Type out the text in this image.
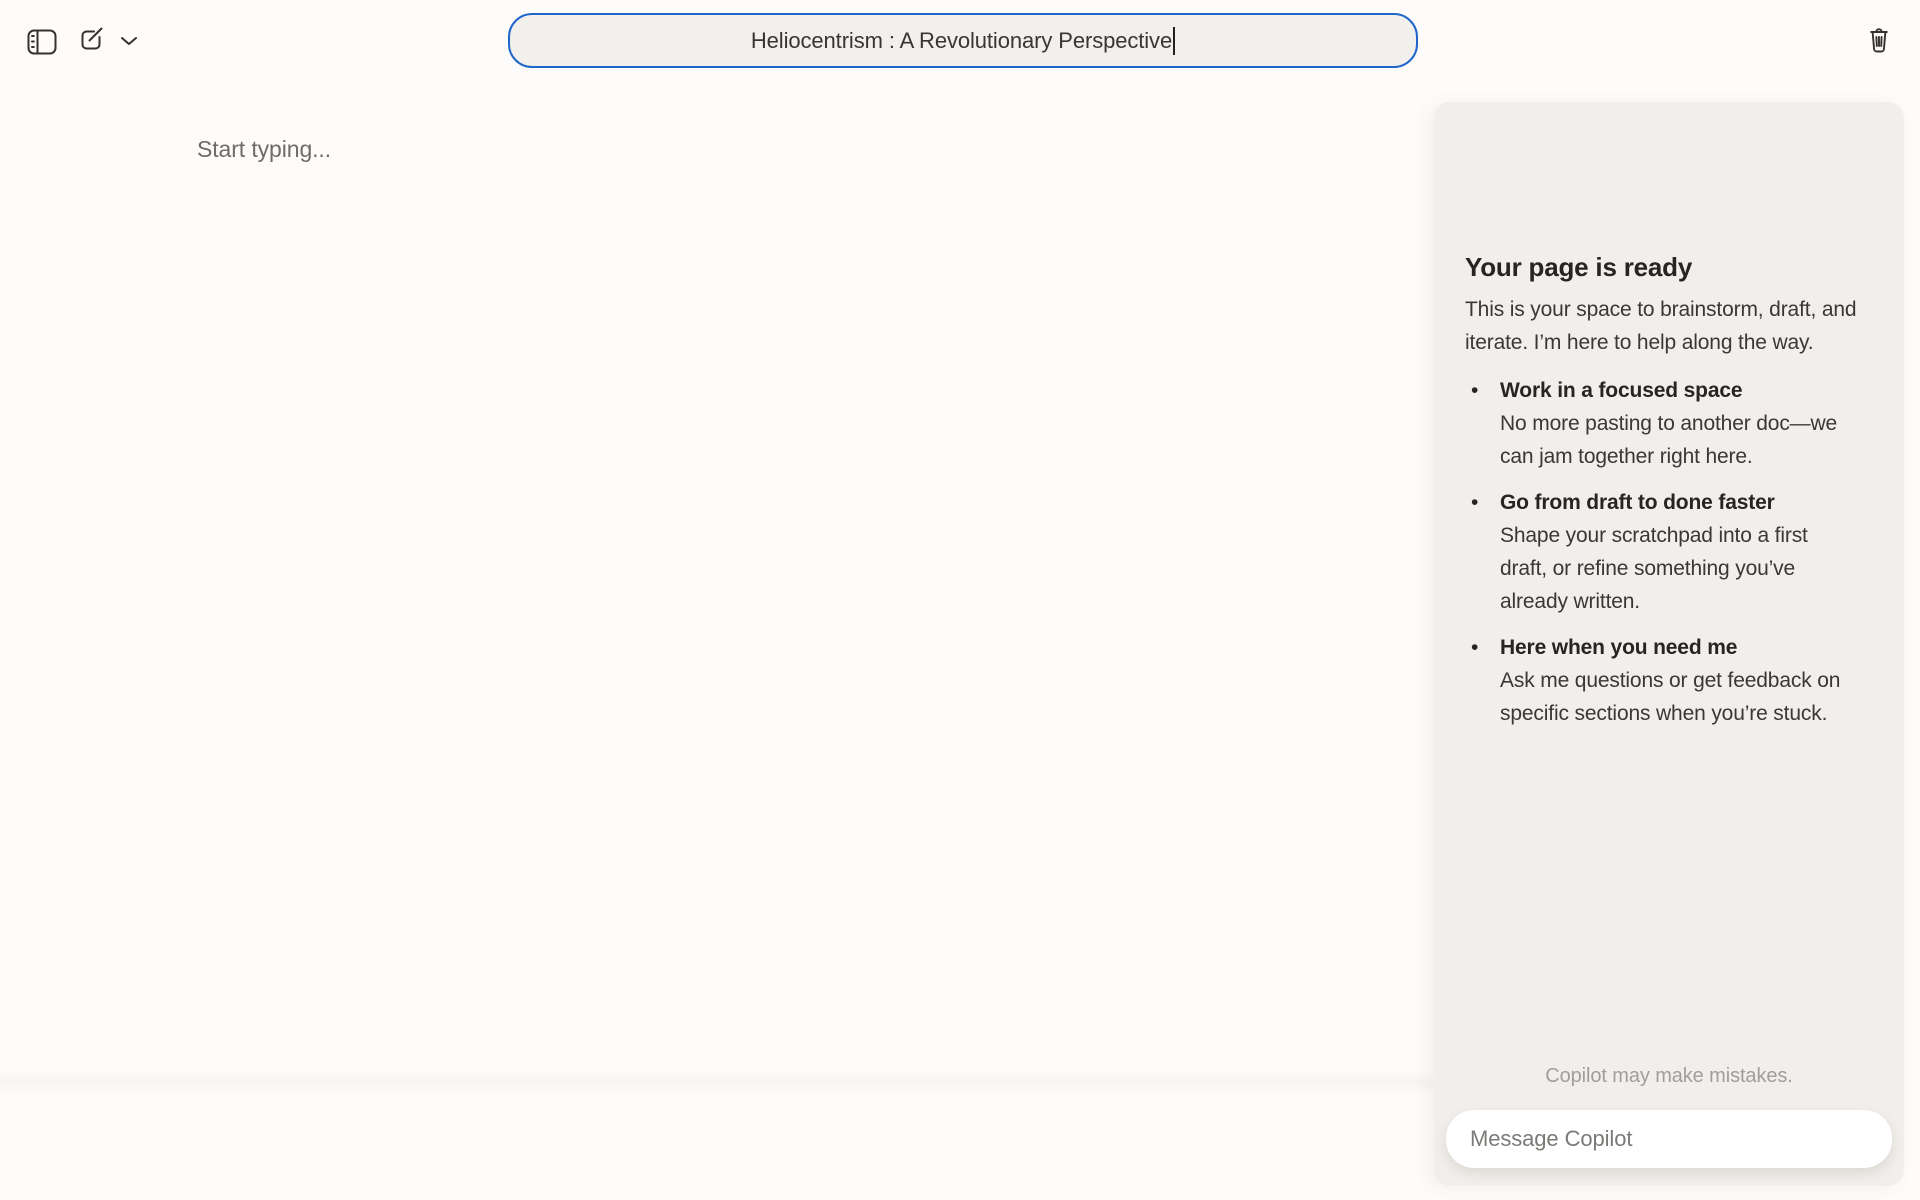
Heliocentrism : A Revolutionary Perspective
Start typing...
Your page is ready

This is your space to brainstorm, draft, and iterate. I’m here to help along the way.

• Work in a focused space
No more pasting to another doc—we can jam together right here.
• Go from draft to done faster
Shape your scratchpad into a first draft, or refine something you’ve already written.
• Here when you need me
Ask me questions or get feedback on specific sections when you’re stuck.
Copilot may make mistakes.
Message Copilot
